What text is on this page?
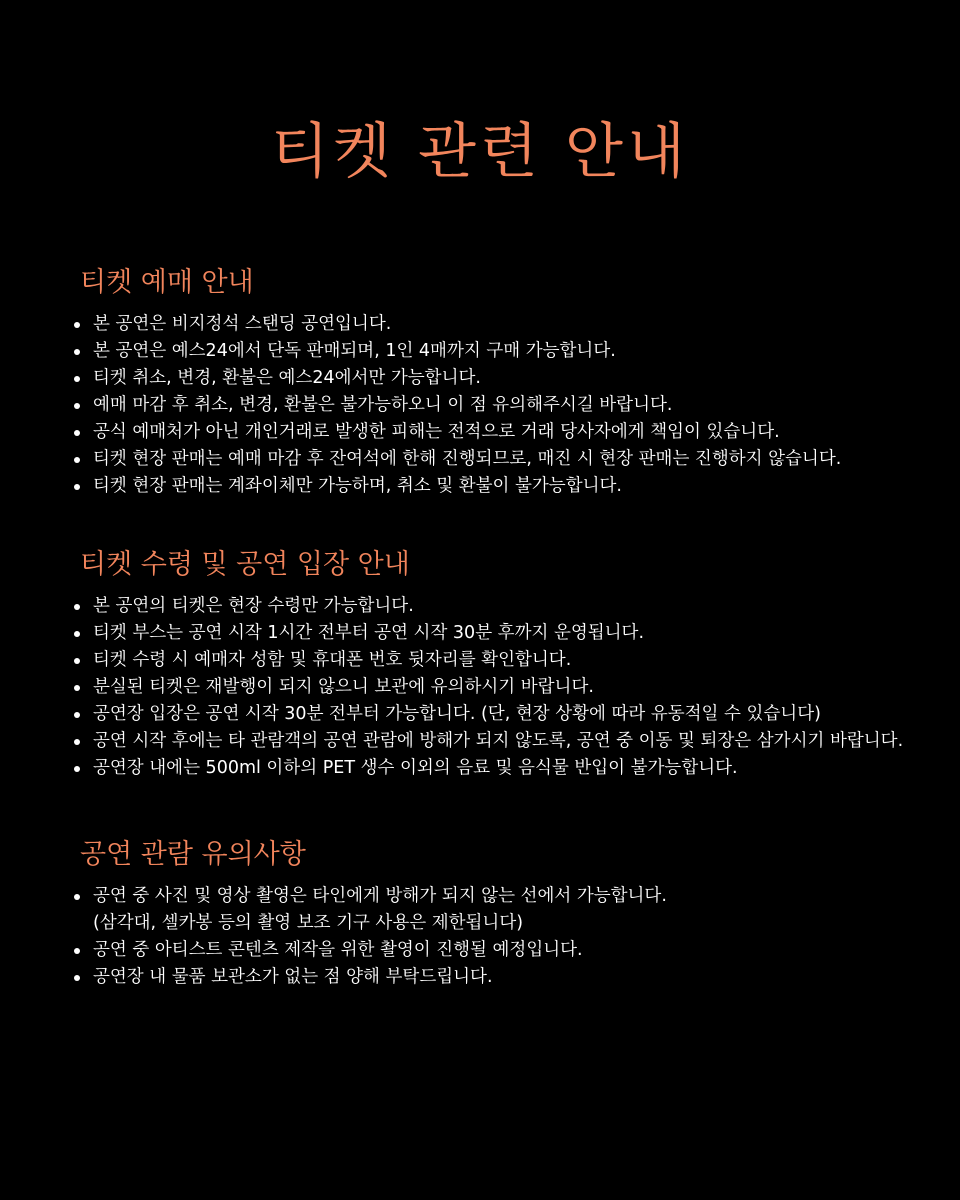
티켓 관련 안내
티켓 예매 안내
본 공연은 비지정석 스탠딩 공연입니다.
본 공연은 예스24에서 단독 판매되며, 1인 4매까지 구매 가능합니다.
티켓 취소, 변경, 환불은 예스24에서만 가능합니다.
예매 마감 후 취소, 변경, 환불은 불가능하오니 이 점 유의해주시길 바랍니다.
공식 예매처가 아닌 개인거래로 발생한 피해는 전적으로 거래 당사자에게 책임이 있습니다.
티켓 현장 판매는 예매 마감 후 잔여석에 한해 진행되므로, 매진 시 현장 판매는 진행하지 않습니다.
티켓 현장 판매는 계좌이체만 가능하며, 취소 및 환불이 불가능합니다.
티켓 수령 및 공연 입장 안내
본 공연의 티켓은 현장 수령만 가능합니다.
티켓 부스는 공연 시작 1시간 전부터 공연 시작 30분 후까지 운영됩니다.
티켓 수령 시 예매자 성함 및 휴대폰 번호 뒷자리를 확인합니다.
분실된 티켓은 재발행이 되지 않으니 보관에 유의하시기 바랍니다.
공연장 입장은 공연 시작 30분 전부터 가능합니다. (단, 현장 상황에 따라 유동적일 수 있습니다)
공연 시작 후에는 타 관람객의 공연 관람에 방해가 되지 않도록, 공연 중 이동 및 퇴장은 삼가시기 바랍니다.
공연장 내에는 500ml 이하의 PET 생수 이외의 음료 및 음식물 반입이 불가능합니다.
공연 관람 유의사항
공연 중 사진 및 영상 촬영은 타인에게 방해가 되지 않는 선에서 가능합니다.
(삼각대, 셀카봉 등의 촬영 보조 기구 사용은 제한됩니다)
공연 중 아티스트 콘텐츠 제작을 위한 촬영이 진행될 예정입니다.
공연장 내 물품 보관소가 없는 점 양해 부탁드립니다.
